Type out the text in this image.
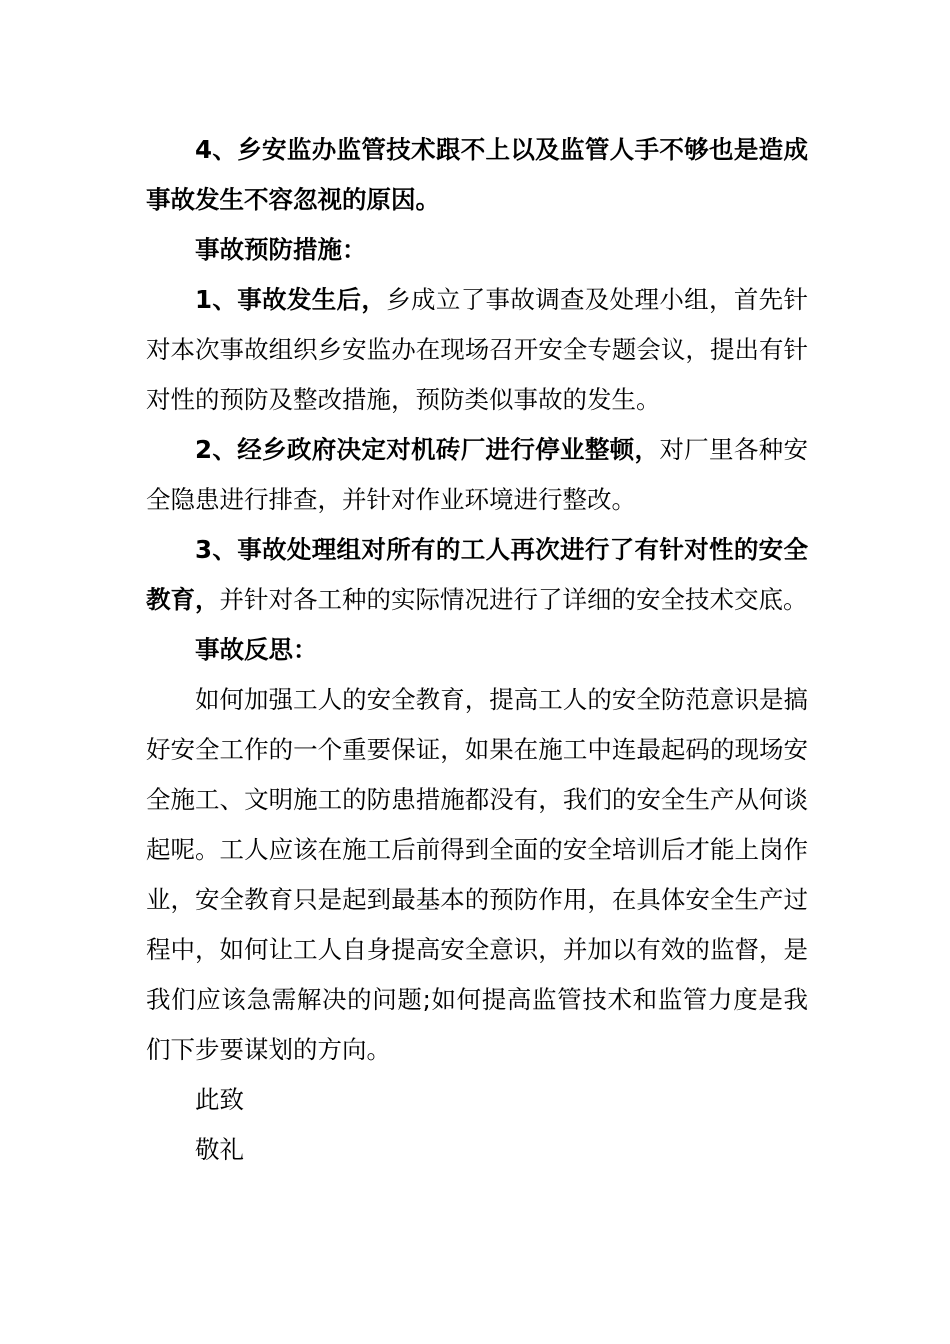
4、乡安监办监管技术跟不上以及监管人手不够也是造成事故发生不容忽视的原因。

事故预防措施：

1、事故发生后，乡成立了事故调查及处理小组，首先针对本次事故组织乡安监办在现场召开安全专题会议，提出有针对性的预防及整改措施，预防类似事故的发生。

2、经乡政府决定对机砖厂进行停业整顿，对厂里各种安全隐患进行排查，并针对作业环境进行整改。

3、事故处理组对所有的工人再次进行了有针对性的安全教育，并针对各工种的实际情况进行了详细的安全技术交底。

事故反思：

如何加强工人的安全教育，提高工人的安全防范意识是搞好安全工作的一个重要保证，如果在施工中连最起码的现场安全施工、文明施工的防患措施都没有，我们的安全生产从何谈起呢。工人应该在施工后前得到全面的安全培训后才能上岗作业，安全教育只是起到最基本的预防作用，在具体安全生产过程中，如何让工人自身提高安全意识，并加以有效的监督，是我们应该急需解决的问题;如何提高监管技术和监管力度是我们下步要谋划的方向。

此致

敬礼
